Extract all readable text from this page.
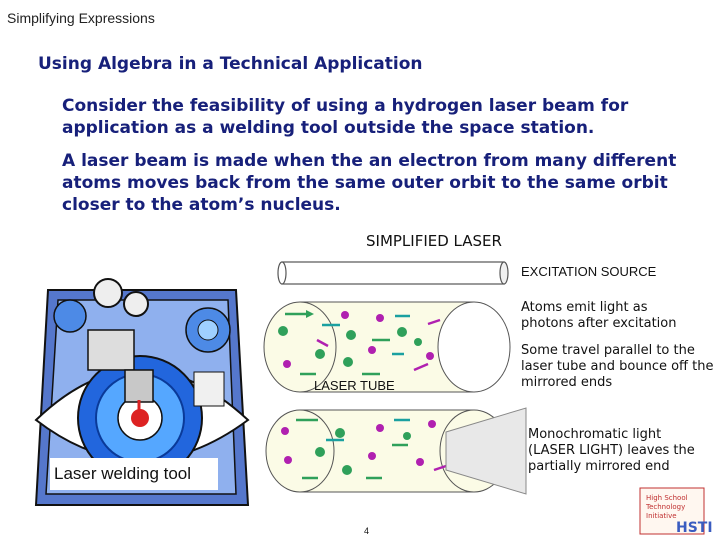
Simplifying Expressions
Using Algebra in a Technical Application
Consider the feasibility of using a hydrogen laser beam for application as a welding tool outside the space station.
A laser beam is made when the an electron from many different atoms moves back from the same outer orbit to the same orbit closer to the atom’s nucleus.
High School
Technology
Initiative
HSTI
SIMPLIFIED LASER
EXCITATION SOURCE
Atoms emit light as photons after excitation
Some travel parallel to the laser tube and bounce off the mirrored ends
LASER TUBE
Monochromatic light (LASER LIGHT) leaves the partially mirrored end
Laser welding tool
4
